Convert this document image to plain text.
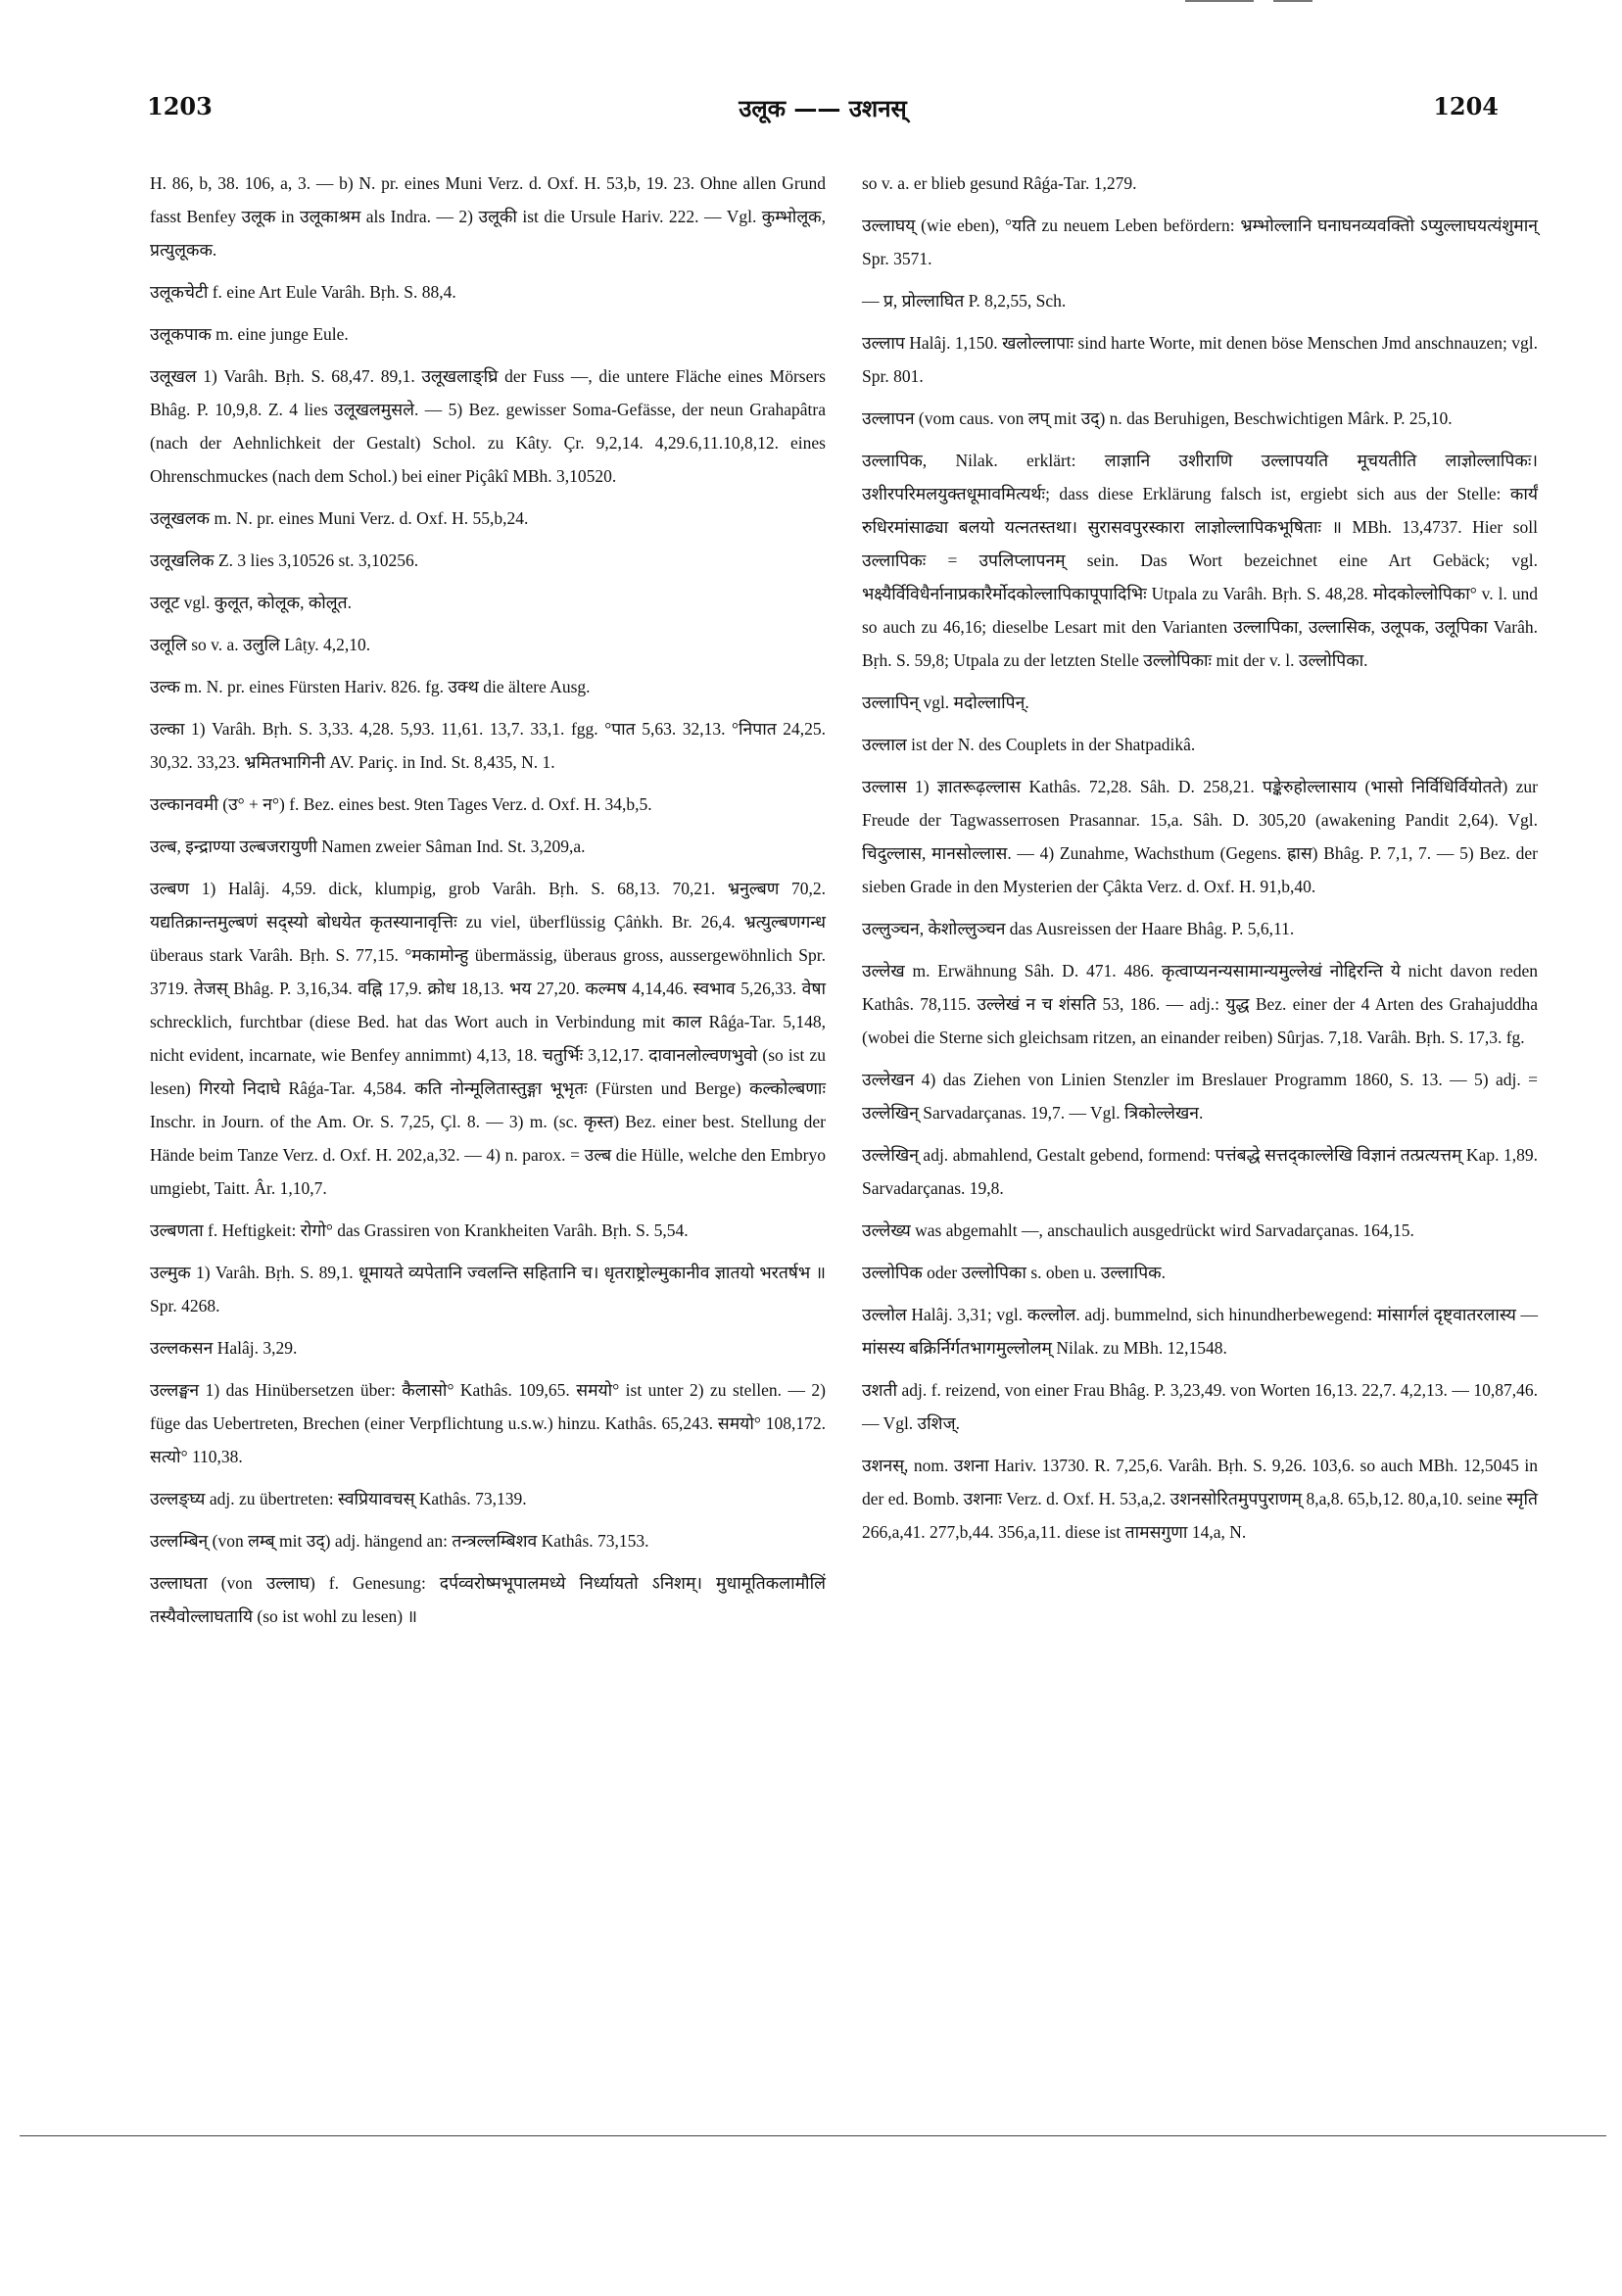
1203	उलूक —— उशनस्	1204

H. 86, b, 38. 106, a, 3. — b) N. pr. eines Muni Verz. d. Oxf. H. 53,b, 19. 23. Ohne allen Grund fasst Benfey उलूक in उलूकाश्रम als Indra. — 2) उलूकी ist die Ursule Hariv. 222. — Vgl. कुम्भोलूक, प्रत्युलूकक.

उलूकचेटी f. eine Art Eule Varâh. Bṛh. S. 88,4.

उलूकपाक m. eine junge Eule.

उलूखल 1) Varâh. Bṛh. S. 68,47. 89,1. उलूखलाङ्घ्रि der Fuss —, die untere Fläche eines Mörsers Bhâg. P. 10,9,8. Z. 4 lies उलूखलमुसले. — 5) Bez. gewisser Soma-Gefässe, der neun Grahapâtra (nach der Aehnlichkeit der Gestalt) Schol. zu Kâty. Çr. 9,2,14. 4,29.6,11.10,8,12. eines Ohrenschmuckes (nach dem Schol.) bei einer Piçâkî MBh. 3,10520.

उलूखलक m. N. pr. eines Muni Verz. d. Oxf. H. 55,b,24.

उलूखलिक Z. 3 lies 3,10526 st. 3,10256.

उलूट vgl. कुलूत, कोलूक, कोलूत.

उलूलि so v. a. उलुलि Lâṭy. 4,2,10.

उल्क m. N. pr. eines Fürsten Hariv. 826. fg. उक्थ die ältere Ausg.

उल्का 1) Varâh. Bṛh. S. 3,33. 4,28. 5,93. 11,61. 13,7. 33,1. fgg. °पात 5,63. 32,13. °निपात 24,25. 30,32. 33,23. भ्रमितभागिनी AV. Pariç. in Ind. St. 8,435, N. 1.

उल्कानवमी (उ° + न°) f. Bez. eines best. 9ten Tages Verz. d. Oxf. H. 34,b,5.

उल्ब, इन्द्राण्या उल्बजरायुणी Namen zweier Sâman Ind. St. 3,209,a.

उल्बण 1) Halâj. 4,59. dick, klumpig, grob Varâh. Bṛh. S. 68,13. 70,21. भ्रनुल्बण 70,2. यद्यतिक्रान्तमुल्बणं सद्स्यो बोधयेत कृतस्यानावृत्तिः zu viel, überflüssig Çâṅkh. Br. 26,4. भ्रत्युल्बणगन्ध überaus stark Varâh. Bṛh. S. 77,15. °मकामोन्हु übermässig, überaus gross, aussergewöhnlich Spr. 3719. तेजस् Bhâg. P. 3,16,34. वह्नि 17,9. क्रोध 18,13. भय 27,20. कल्मष 4,14,46. स्वभाव 5,26,33. वेषा schrecklich, furchtbar (diese Bed. hat das Wort auch in Verbindung mit काल Râǵa-Tar. 5,148, nicht evident, incarnate, wie Benfey annimmt) 4,13, 18. चतुर्भिः 3,12,17. दावानलोल्वणभुवो (so ist zu lesen) गिरयो निदाघे Râǵa-Tar. 4,584. कति नोन्मूलितास्तुङ्गा भूभृतः (Fürsten und Berge) कल्कोल्बणाः Inschr. in Journ. of the Am. Or. S. 7,25, Çl. 8. — 3) m. (sc. कृस्त) Bez. einer best. Stellung der Hände beim Tanze Verz. d. Oxf. H. 202,a,32. — 4) n. parox. = उल्ब die Hülle, welche den Embryo umgiebt, Taitt. Âr. 1,10,7.

उल्बणता f. Heftigkeit: रोगो° das Grassiren von Krankheiten Varâh. Bṛh. S. 5,54.

उल्मुक 1) Varâh. Bṛh. S. 89,1. धूमायते व्यपेतानि ज्वलन्ति सहितानि च। धृतराष्ट्रोल्मुकानीव ज्ञातयो भरतर्षभ ॥ Spr. 4268.

उल्लकसन Halâj. 3,29.

उल्लङ्घन 1) das Hinübersetzen über: कैलासो° Kathâs. 109,65. समयो° ist unter 2) zu stellen. — 2) füge das Uebertreten, Brechen (einer Verpflichtung u.s.w.) hinzu. Kathâs. 65,243. समयो° 108,172. सत्यो° 110,38.

उल्लङ्घ्य adj. zu übertreten: स्वप्रियावचस् Kathâs. 73,139.

उल्लम्बिन् (von लम्ब् mit उद्) adj. hängend an: तन्त्रल्लम्बिशव Kathâs. 73,153.

उल्लाघता (von उल्लाघ) f. Genesung: दर्पव्वरोष्मभूपालमध्ये निर्ध्यायतो ऽनिशम्। मुधामूतिकलामौलिं तस्यैवोल्लाघतायि (so ist wohl zu lesen) ॥

so v. a. er blieb gesund Râǵa-Tar. 1,279.

उल्लाघय् (wie eben), °यति zu neuem Leben befördern: भ्रम्भोल्लानि घनाघनव्यवक्तिो ऽप्युल्लाघयत्यंशुमान् Spr. 3571.

— प्र, प्रोल्लाघित P. 8,2,55, Sch.

उल्लाप Halâj. 1,150. खलोल्लापाः sind harte Worte, mit denen böse Menschen Jmd anschnauzen; vgl. Spr. 801.

उल्लापन (vom caus. von लप् mit उद्) n. das Beruhigen, Beschwichtigen Mârk. P. 25,10.

उल्लापिक, Nilak. erklärt: लाज्ञानि उशीराणि उल्लापयति मूचयतीति लाज्ञोल्लापिकः। उशीरपरिमलयुक्तधूमावमित्यर्थः; dass diese Erklärung falsch ist, ergiebt sich aus der Stelle: कार्यं रुधिरमांसाढ्या बलयो यत्नतस्तथा। सुरासवपुरस्कारा लाज्ञोल्लापिकभूषिताः ॥ MBh. 13,4737. Hier soll उल्लापिकः = उपलिप्लापनम् sein. Das Wort bezeichnet eine Art Gebäck; vgl. भक्ष्यैर्विविधैर्नानाप्रकारैर्मोदकोल्लापिकापूपादिभिः Utpala zu Varâh. Bṛh. S. 48,28. मोदकोल्लोपिका° v. l. und so auch zu 46,16; dieselbe Lesart mit den Varianten उल्लापिका, उल्लासिक, उलूपक, उलूपिका Varâh. Bṛh. S. 59,8; Utpala zu der letzten Stelle उल्लोपिकाः mit der v. l. उल्लोपिका.

उल्लापिन् vgl. मदोल्लापिन्.

उल्लाल ist der N. des Couplets in der Shatpadikâ.

उल्लास 1) ज्ञातरूढ़ल्लास Kathâs. 72,28. Sâh. D. 258,21. पङ्केरुहोल्लासाय (भासो निर्विधिर्वियोतते) zur Freude der Tagwasserrosen Prasannar. 15,a. Sâh. D. 305,20 (awakening Pandit 2,64). Vgl. चिदुल्लास, मानसोल्लास. — 4) Zunahme, Wachsthum (Gegens. ह्रास) Bhâg. P. 7,1, 7. — 5) Bez. der sieben Grade in den Mysterien der Çâkta Verz. d. Oxf. H. 91,b,40.

उल्लुञ्चन, केशोल्लुञ्चन das Ausreissen der Haare Bhâg. P. 5,6,11.

उल्लेख m. Erwähnung Sâh. D. 471. 486. कृत्वाप्यनन्यसामान्यमुल्लेखं नोद्दिरन्ति ये nicht davon reden Kathâs. 78,115. उल्लेखं न च शंसति 53, 186. — adj.: युद्ध Bez. einer der 4 Arten des Grahajuddha (wobei die Sterne sich gleichsam ritzen, an einander reiben) Sûrjas. 7,18. Varâh. Bṛh. S. 17,3. fg.

उल्लेखन 4) das Ziehen von Linien Stenzler im Breslauer Programm 1860, S. 13. — 5) adj. = उल्लेखिन् Sarvadarçanas. 19,7. — Vgl. त्रिकोल्लेखन.

उल्लेखिन् adj. abmahlend, Gestalt gebend, formend: पत्तंबद्धे सत्तद्काल्लेखि विज्ञानं तत्प्रत्यत्तम् Kap. 1,89. Sarvadarçanas. 19,8.

उल्लेख्य was abgemahlt —, anschaulich ausgedrückt wird Sarvadarçanas. 164,15.

उल्लोपिक oder उल्लोपिका s. oben u. उल्लापिक.

उल्लोल Halâj. 3,31; vgl. कल्लोल. adj. bummelnd, sich hinundherbewegend: मांसार्गलं दृष्ट्वातरलास्य — मांसस्य बक्रिर्निर्गतभागमुल्लोलम् Nilak. zu MBh. 12,1548.

उशती adj. f. reizend, von einer Frau Bhâg. P. 3,23,49. von Worten 16,13. 22,7. 4,2,13. — 10,87,46. — Vgl. उशिज्.

उशनस्, nom. उशना Hariv. 13730. R. 7,25,6. Varâh. Bṛh. S. 9,26. 103,6. so auch MBh. 12,5045 in der ed. Bomb. उशनाः Verz. d. Oxf. H. 53,a,2. उशनसोरितमुपपुराणम् 8,a,8. 65,b,12. 80,a,10. seine स्मृति 266,a,41. 277,b,44. 356,a,11. diese ist तामसगुणा 14,a, N.
